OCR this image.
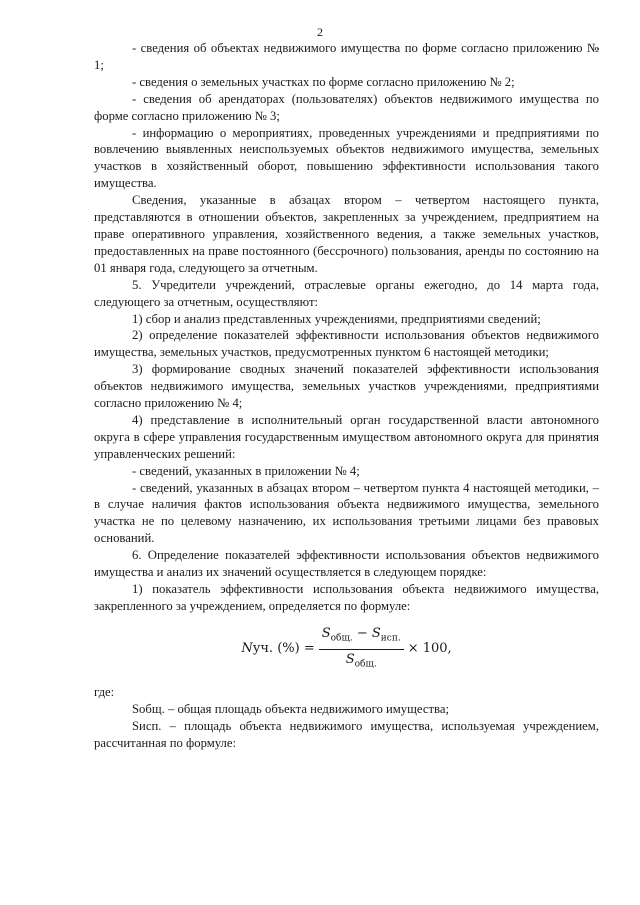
2

- сведения об объектах недвижимого имущества по форме согласно приложению № 1;

- сведения о земельных участках по форме согласно приложению № 2;

- сведения об арендаторах (пользователях) объектов недвижимого имущества по форме согласно приложению № 3;

- информацию о мероприятиях, проведенных учреждениями и предприятиями по вовлечению выявленных неиспользуемых объектов недвижимого имущества, земельных участков в хозяйственный оборот, повышению эффективности использования такого имущества.

Сведения, указанные в абзацах втором – четвертом настоящего пункта, представляются в отношении объектов, закрепленных за учреждением, предприятием на праве оперативного управления, хозяйственного ведения, а также земельных участков, предоставленных на праве постоянного (бессрочного) пользования, аренды по состоянию на 01 января года, следующего за отчетным.

5. Учредители учреждений, отраслевые органы ежегодно, до 14 марта года, следующего за отчетным, осуществляют:

1) сбор и анализ представленных учреждениями, предприятиями сведений;

2) определение показателей эффективности использования объектов недвижимого имущества, земельных участков, предусмотренных пунктом 6 настоящей методики;

3) формирование сводных значений показателей эффективности использования объектов недвижимого имущества, земельных участков учреждениями, предприятиями согласно приложению № 4;

4) представление в исполнительный орган государственной власти автономного округа в сфере управления государственным имуществом автономного округа для принятия управленческих решений:

- сведений, указанных в приложении № 4;

- сведений, указанных в абзацах втором – четвертом пункта 4 настоящей методики, – в случае наличия фактов использования объекта недвижимого имущества, земельного участка не по целевому назначению, их использования третьими лицами без правовых оснований.

6. Определение показателей эффективности использования объектов недвижимого имущества и анализ их значений осуществляется в следующем порядке:

1) показатель эффективности использования объекта недвижимого имущества, закрепленного за учреждением, определяется по формуле:

N уч. (%) = $\frac{S_{общ.} - S_{исп.}}{S_{общ.}} \times 100$,

где:

Sобщ. – общая площадь объекта недвижимого имущества;

Sисп. – площадь объекта недвижимого имущества, используемая учреждением, рассчитанная по формуле:
